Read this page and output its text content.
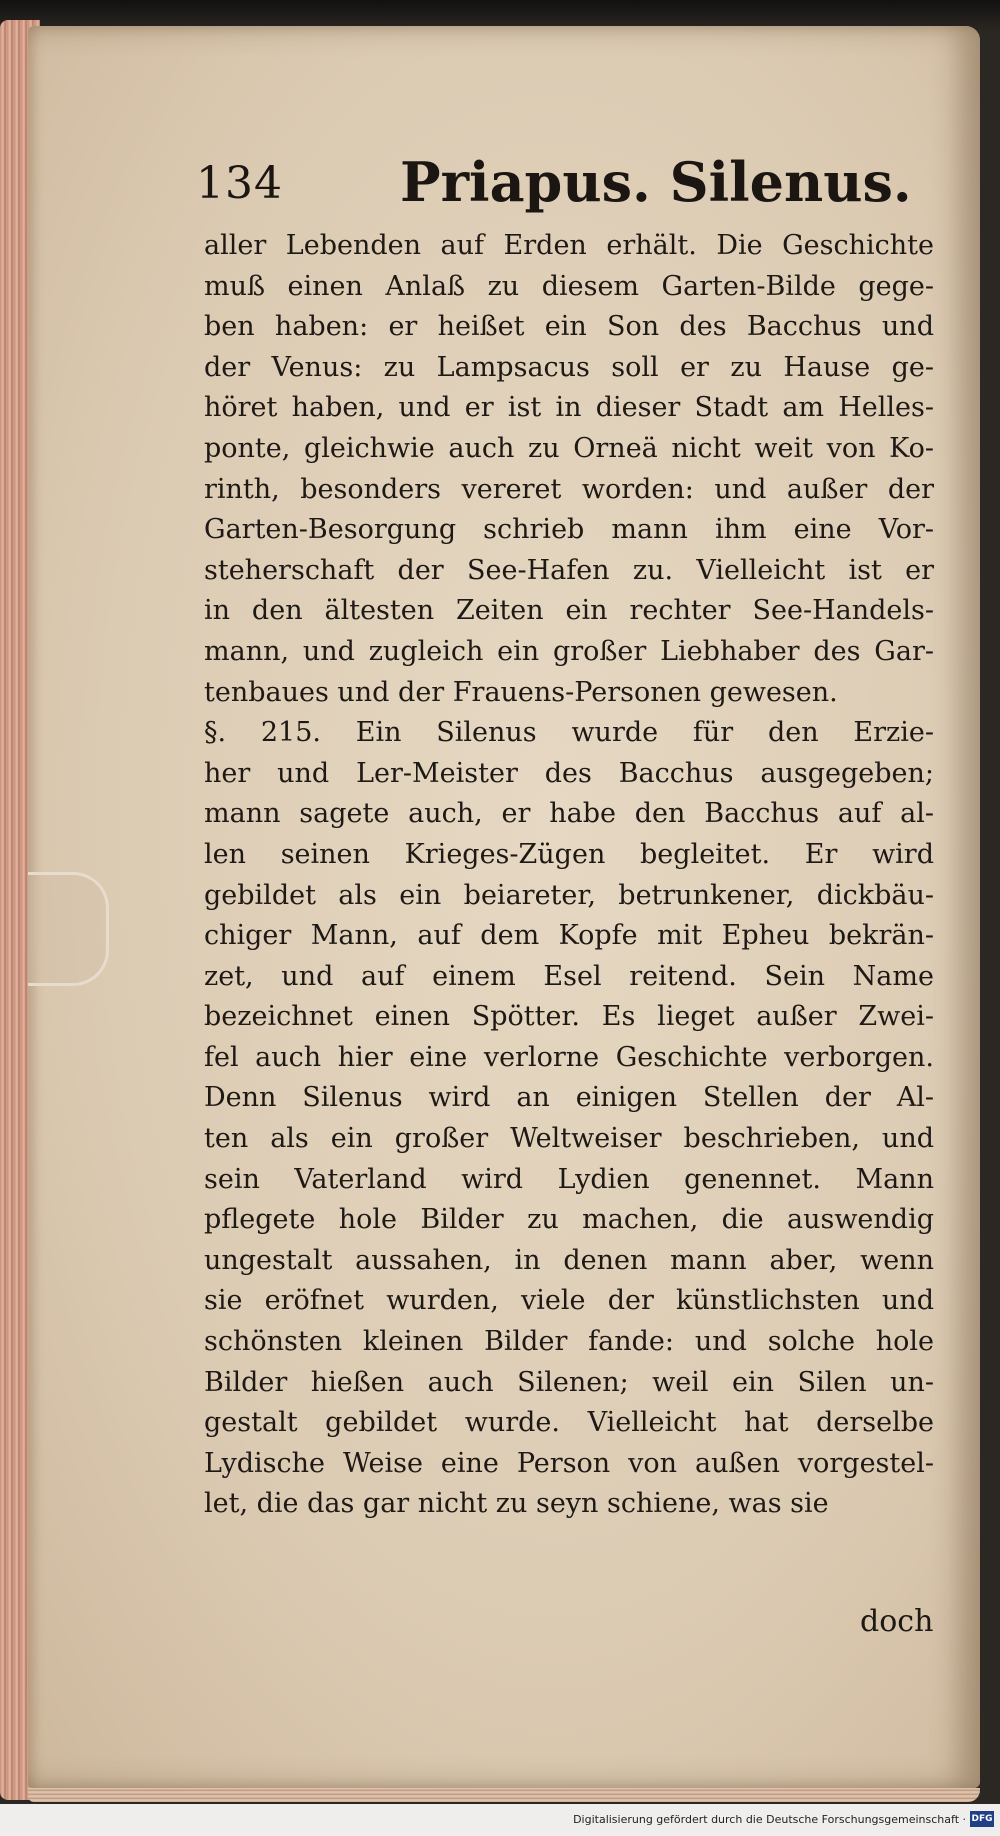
134 Priapus. Silenus.
aller Lebenden auf Erden erhält. Die Geschichte
muß einen Anlaß zu diesem Garten-Bilde gege-
ben haben: er heißet ein Son des Bacchus und
der Venus: zu Lampsacus soll er zu Hause ge-
höret haben, und er ist in dieser Stadt am Helles-
ponte, gleichwie auch zu Orneä nicht weit von Ko-
rinth, besonders vereret worden: und außer der
Garten-Besorgung schrieb mann ihm eine Vor-
steherschaft der See-Hafen zu. Vielleicht ist er
in den ältesten Zeiten ein rechter See-Handels-
mann, und zugleich ein großer Liebhaber des Gar-
tenbaues und der Frauens-Personen gewesen.
§. 215. Ein Silenus wurde für den Erzie-
her und Ler-Meister des Bacchus ausgegeben;
mann sagete auch, er habe den Bacchus auf al-
len seinen Krieges-Zügen begleitet. Er wird
gebildet als ein beiareter, betrunkener, dickbäu-
chiger Mann, auf dem Kopfe mit Epheu bekrän-
zet, und auf einem Esel reitend. Sein Name
bezeichnet einen Spötter. Es lieget außer Zwei-
fel auch hier eine verlorne Geschichte verborgen.
Denn Silenus wird an einigen Stellen der Al-
ten als ein großer Weltweiser beschrieben, und
sein Vaterland wird Lydien genennet. Mann
pflegete hole Bilder zu machen, die auswendig
ungestalt aussahen, in denen mann aber, wenn
sie eröfnet wurden, viele der künstlichsten und
schönsten kleinen Bilder fande: und solche hole
Bilder hießen auch Silenen; weil ein Silen un-
gestalt gebildet wurde. Vielleicht hat derselbe
Lydische Weise eine Person von außen vorgestel-
let, die das gar nicht zu seyn schiene, was sie
doch
Digitalisierung gefördert durch die Deutsche Forschungsgemeinschaft · DFG
